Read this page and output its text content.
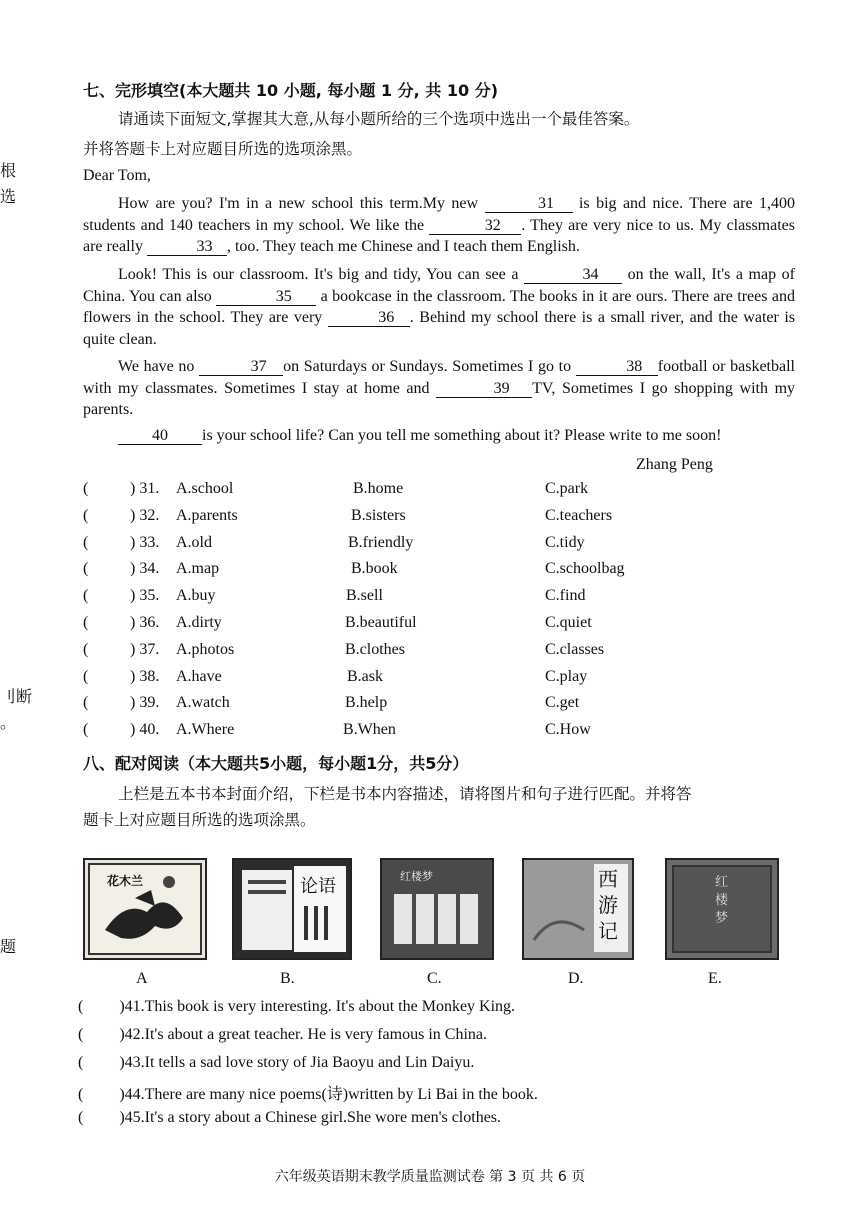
根
选
刂断
。
题
七、完形填空(本大题共 10 小题, 每小题 1 分, 共 10 分)
请通读下面短文,掌握其大意,从每小题所给的三个选项中选出一个最佳答案。
并将答题卡上对应题目所选的选项涂黑。
Dear Tom,
How are you? I'm in a new school this term.My new	31 is big and nice. There are 1,400 students and 140 teachers in my school. We like the	32 . They are very nice to us. My classmates are really	33 , too. They teach me Chinese and I teach them English.
Look! This is our classroom. It's big and tidy, You can see a	34 on the wall, It's a map of China. You can also	35 a bookcase in the classroom. The books in it are ours. There are trees and flowers in the school. They are very	36 . Behind my school there is a small river, and the water is quite clean.
We have no	37 on Saturdays or Sundays. Sometimes I go to	38 football or basketball with my classmates. Sometimes I stay at home and	39 TV, Sometimes I go shopping with my parents.
40 is your school life? Can you tell me something about it? Please write to me soon!
Zhang Peng
(	) 31. A.school	B.home	C.park
(	) 32. A.parents	B.sisters	C.teachers
(	) 33. A.old	B.friendly	C.tidy
(	) 34. A.map	B.book	C.schoolbag
(	) 35. A.buy	B.sell	C.find
(	) 36. A.dirty	B.beautiful	C.quiet
(	) 37. A.photos	B.clothes	C.classes
(	) 38. A.have	B.ask	C.play
(	) 39. A.watch	B.help	C.get
(	) 40. A.Where	B.When	C.How
八、配对阅读（本大题共5小题，每小题1分，共5分）
上栏是五本书本封面介绍，下栏是书本内容描述，请将图片和句子进行匹配。并将答
题卡上对应题目所选的选项涂黑。
花木兰	论语	红楼梦	西游记
红楼梦
A	B.	C.	D.	E.
( )41.This book is very interesting. It's about the Monkey King.
( )42.It's about a great teacher. He is very famous in China.
( )43.It tells a sad love story of Jia Baoyu and Lin Daiyu.
( )44.There are many nice poems(诗)written by Li Bai in the book.
( )45.It's a story about a Chinese girl.She wore men's clothes.
六年级英语期末教学质量监测试卷 第 3 页 共 6 页
